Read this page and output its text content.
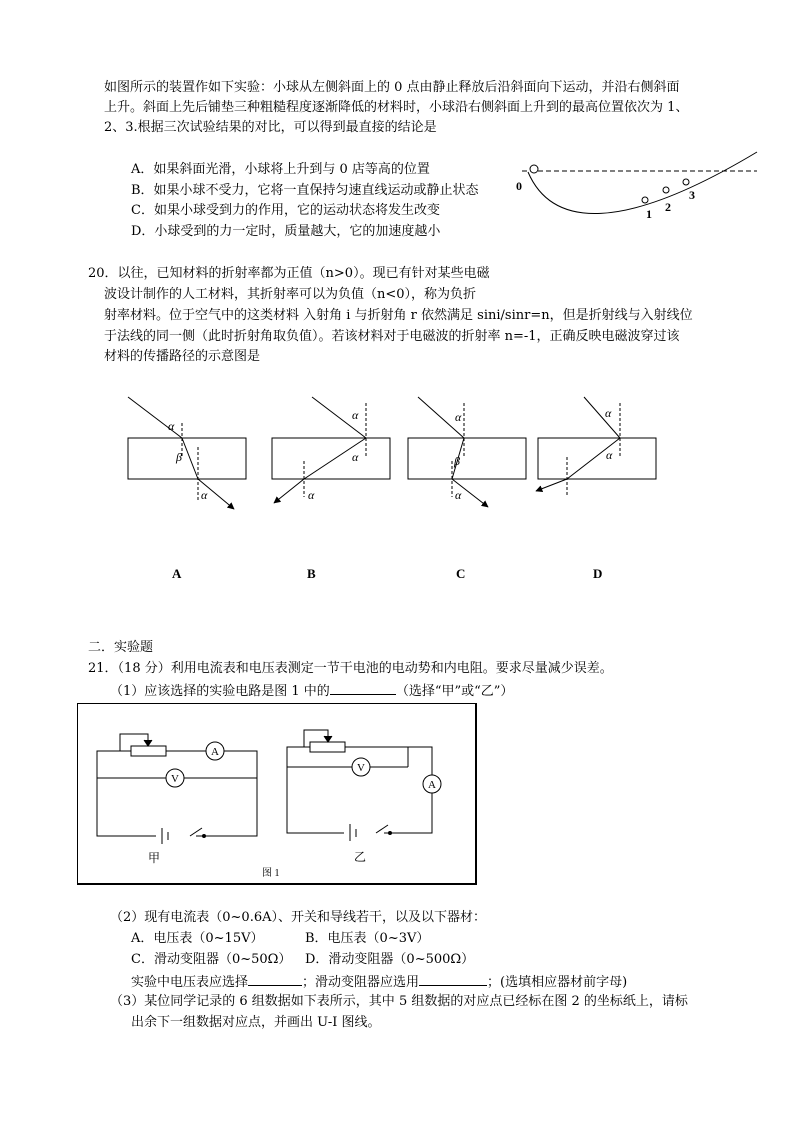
如图所示的装置作如下实验：小球从左侧斜面上的 0 点由静止释放后沿斜面向下运动，并沿右侧斜面
上升。斜面上先后铺垫三种粗糙程度逐渐降低的材料时，小球沿右侧斜面上升到的最高位置依次为 1、
2、3.根据三次试验结果的对比，可以得到最直接的结论是
A．如果斜面光滑，小球将上升到与 0 店等高的位置
B．如果小球不受力，它将一直保持匀速直线运动或静止状态
C．如果小球受到力的作用，它的运动状态将发生改变
D．小球受到的力一定时，质量越大，它的加速度越小
0
1 2
3
20．以往，已知材料的折射率都为正值（n>0）。现已有针对某些电磁
波设计制作的人工材料，其折射率可以为负值（n<0），称为负折
射率材料。位于空气中的这类材料 入射角 i 与折射角 r 依然满足 sini/sinr=n，但是折射线与入射线位
于法线的同一侧（此时折射角取负值）。若该材料对于电磁波的折射率 n=-1，正确反映电磁波穿过该
材料的传播路径的示意图是
α
β
α
α
α
α
α
β
α
α
α
A	B	C	D
二．实验题
21．（18 分）利用电流表和电压表测定一节干电池的电动势和内电阻。要求尽量减少误差。
（1）应该选择的实验电路是图 1 中的	（选择“甲”或“乙”）
A
V
甲
V
A
乙
图 1
（2）现有电流表（0~0.6A）、开关和导线若干，以及以下器材：
A．电压表（0~15V）	B．电压表（0~3V）
C．滑动变阻器（0~50Ω） D．滑动变阻器（0~500Ω）
实验中电压表应选择	；滑动变阻器应选用	；(选填相应器材前字母)
（3）某位同学记录的 6 组数据如下表所示，其中 5 组数据的对应点已经标在图 2 的坐标纸上，请标
出余下一组数据对应点，并画出 U-I 图线。
